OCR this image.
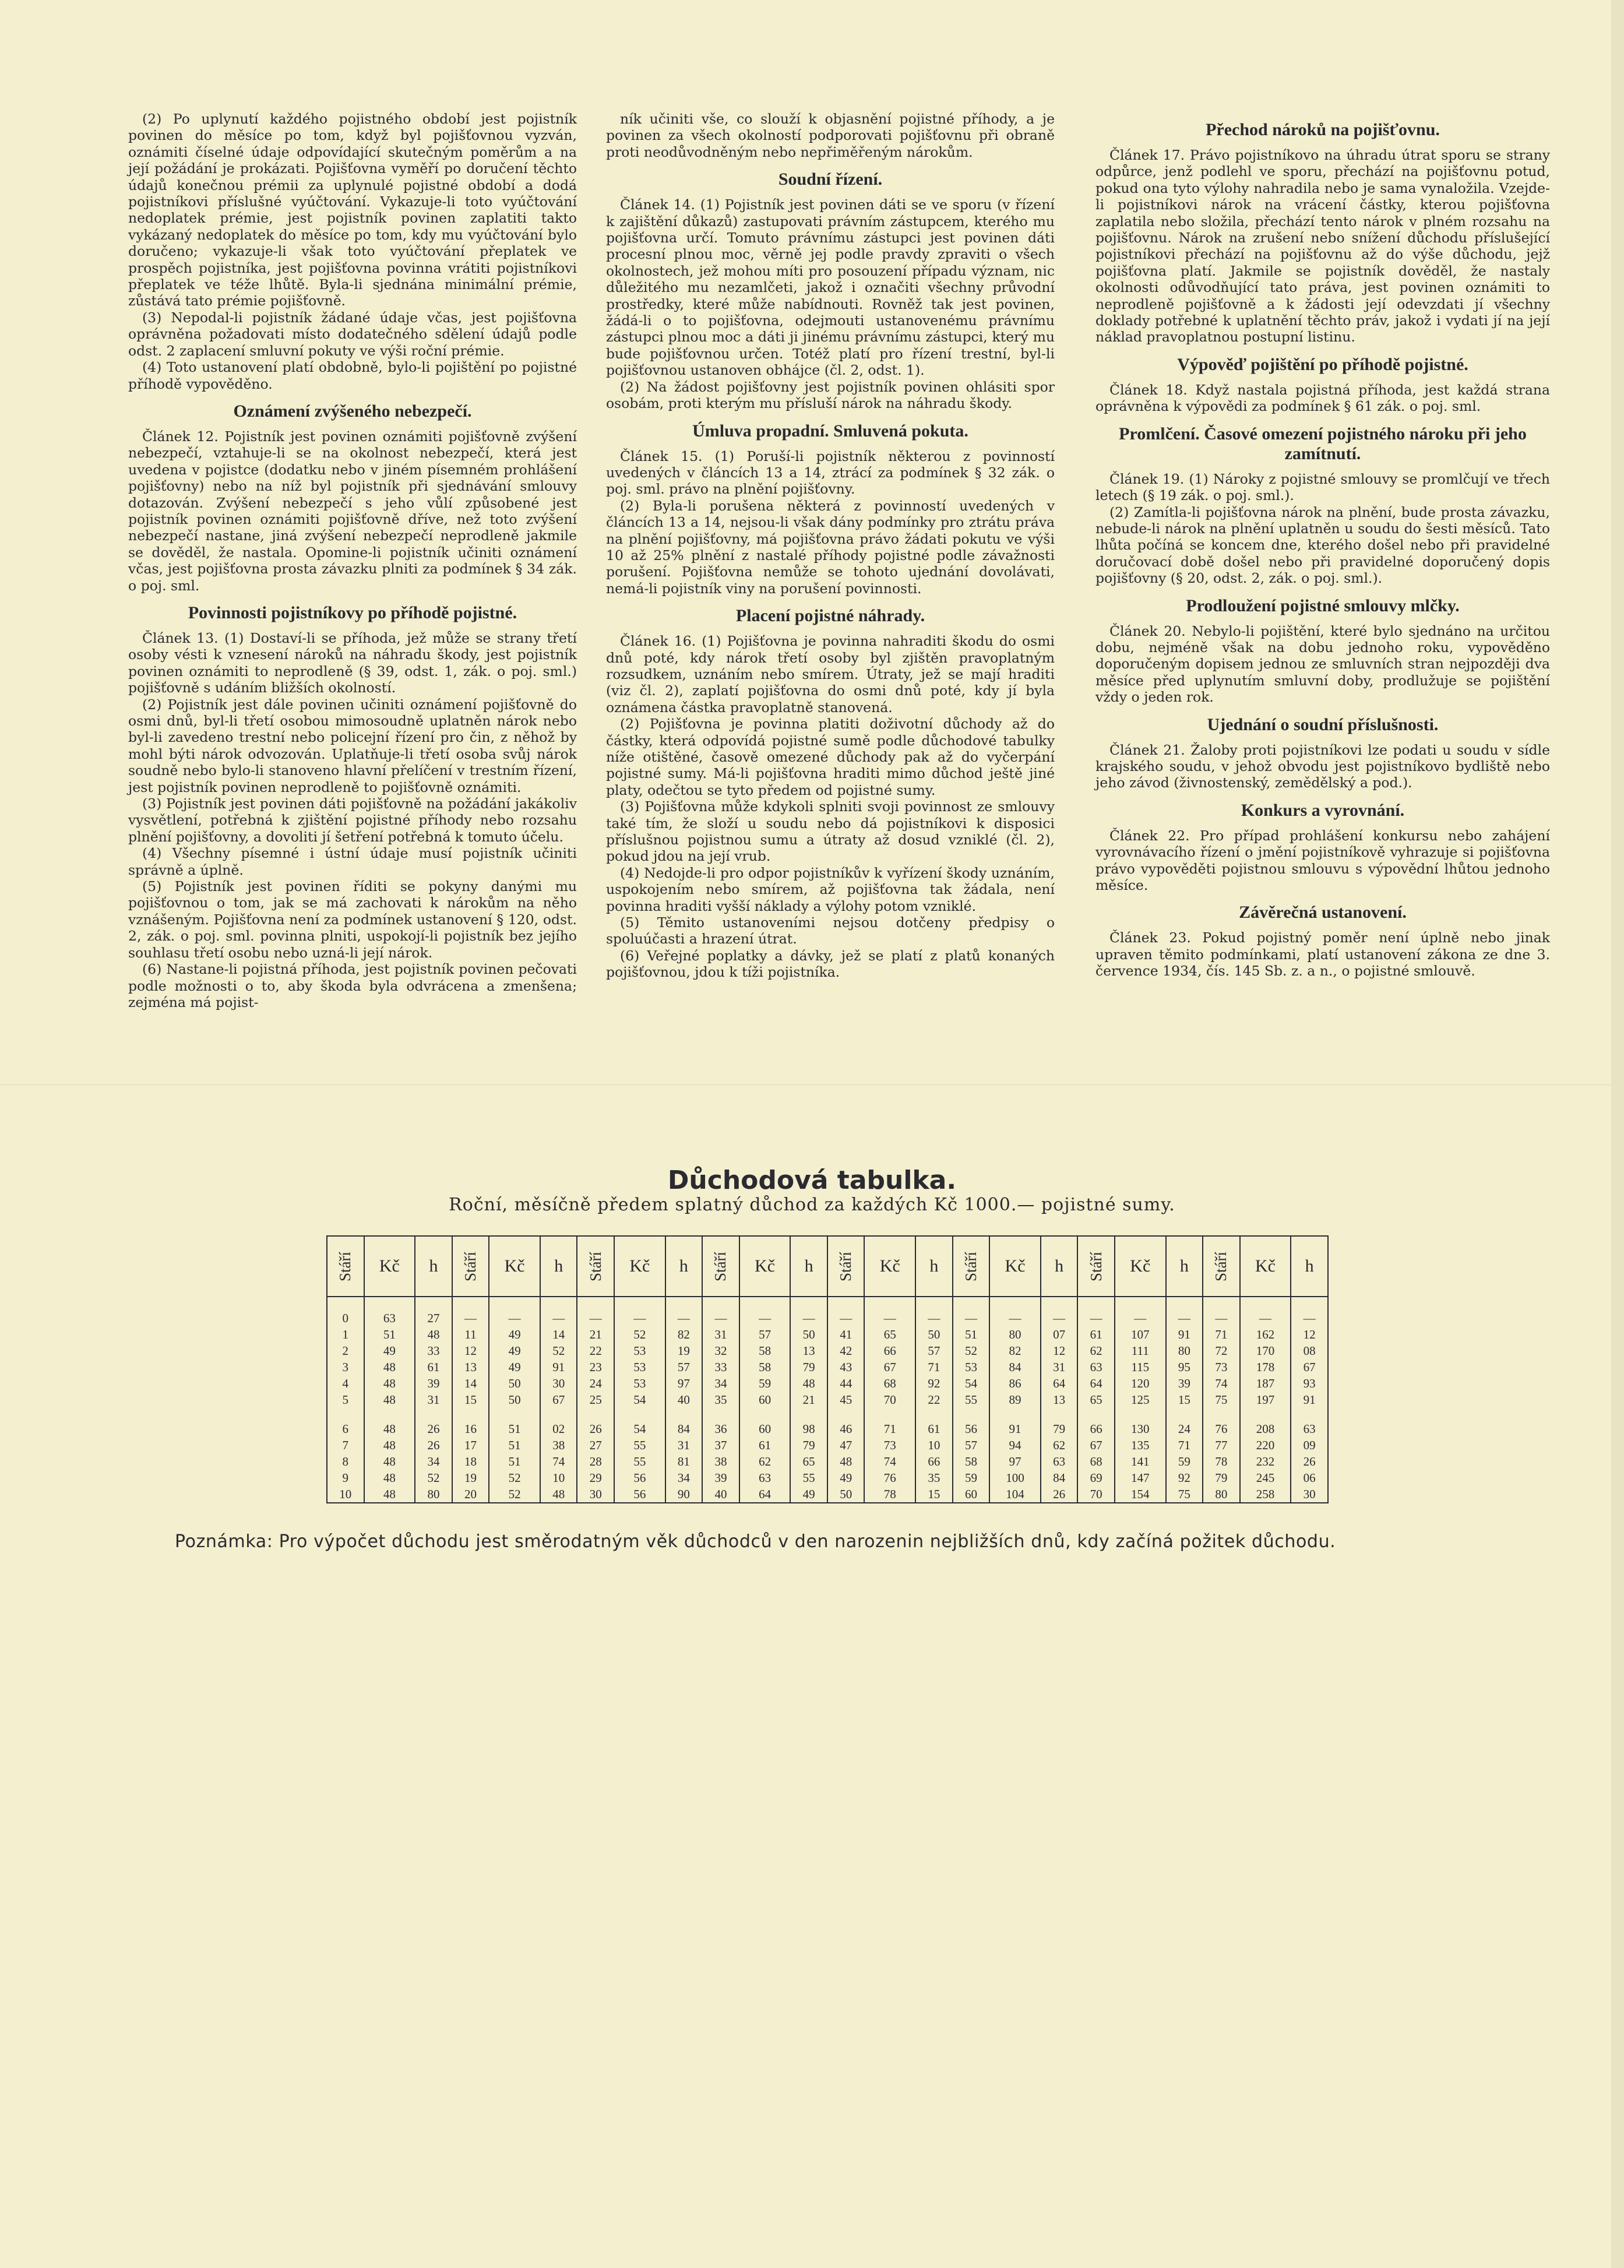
(2) Po uplynutí každého pojistného období jest pojistník povinen do měsíce po tom, když byl pojišťovnou vyzván, oznámiti číselné údaje odpovídající skutečným poměrům a na její požádání je prokázati. Pojišťovna vyměří po doručení těchto údajů konečnou prémii za uplynulé pojistné období a dodá pojistníkovi příslušné vyúčtování. Vykazuje-li toto vyúčtování nedoplatek prémie, jest pojistník povinen zaplatiti takto vykázaný nedoplatek do měsíce po tom, kdy mu vyúčtování bylo doručeno; vykazuje-li však toto vyúčtování přeplatek ve prospěch pojistníka, jest pojišťovna povinna vrátiti pojistníkovi přeplatek ve téže lhůtě. Byla-li sjednána minimální prémie, zůstává tato prémie pojišťovně.

(3) Nepodal-li pojistník žádané údaje včas, jest pojišťovna oprávněna požadovati místo dodatečného sdělení údajů podle odst. 2 zaplacení smluvní pokuty ve výši roční prémie.

(4) Toto ustanovení platí obdobně, bylo-li pojištění po pojistné příhodě vypověděno.

Oznámení zvýšeného nebezpečí.

Článek 12. Pojistník jest povinen oznámiti pojišťovně zvýšení nebezpečí, vztahuje-li se na okolnost nebezpečí, která jest uvedena v pojistce (dodatku nebo v jiném písemném prohlášení pojišťovny) nebo na níž byl pojistník při sjednávání smlouvy dotazován. Zvýšení nebezpečí s jeho vůlí způsobené jest pojistník povinen oznámiti pojišťovně dříve, než toto zvýšení nebezpečí nastane, jiná zvýšení nebezpečí neprodleně jakmile se dověděl, že nastala. Opomine-li pojistník učiniti oznámení včas, jest pojišťovna prosta závazku plniti za podmínek § 34 zák. o poj. sml.

Povinnosti pojistníkovy po příhodě pojistné.

Článek 13. (1) Dostaví-li se příhoda, jež může se strany třetí osoby vésti k vznesení nároků na náhradu škody, jest pojistník povinen oznámiti to neprodleně (§ 39, odst. 1, zák. o poj. sml.) pojišťovně s udáním bližších okolností.

(2) Pojistník jest dále povinen učiniti oznámení pojišťovně do osmi dnů, byl-li třetí osobou mimosoudně uplatněn nárok nebo byl-li zavedeno trestní nebo policejní řízení pro čin, z něhož by mohl býti nárok odvozován. Uplatňuje-li třetí osoba svůj nárok soudně nebo bylo-li stanoveno hlavní přelíčení v trestním řízení, jest pojistník povinen neprodleně to pojišťovně oznámiti.

(3) Pojistník jest povinen dáti pojišťovně na požádání jakákoliv vysvětlení, potřebná k zjištění pojistné příhody nebo rozsahu plnění pojišťovny, a dovoliti jí šetření potřebná k tomuto účelu.

(4) Všechny písemné i ústní údaje musí pojistník učiniti správně a úplně.

(5) Pojistník jest povinen říditi se pokyny danými mu pojišťovnou o tom, jak se má zachovati k nárokům na něho vznášeným. Pojišťovna není za podmínek ustanovení § 120, odst. 2, zák. o poj. sml. povinna plniti, uspokojí-li pojistník bez jejího souhlasu třetí osobu nebo uzná-li její nárok.

(6) Nastane-li pojistná příhoda, jest pojistník povinen pečovati podle možnosti o to, aby škoda byla odvrácena a zmenšena; zejména má pojist-

ník učiniti vše, co slouží k objasnění pojistné příhody, a je povinen za všech okolností podporovati pojišťovnu při obraně proti neodůvodněným nebo nepřiměřeným nárokům.

Soudní řízení.

Článek 14. (1) Pojistník jest povinen dáti se ve sporu (v řízení k zajištění důkazů) zastupovati právním zástupcem, kterého mu pojišťovna určí. Tomuto právnímu zástupci jest povinen dáti procesní plnou moc, věrně jej podle pravdy zpraviti o všech okolnostech, jež mohou míti pro posouzení případu význam, nic důležitého mu nezamlčeti, jakož i označiti všechny průvodní prostředky, které může nabídnouti. Rovněž tak jest povinen, žádá-li o to pojišťovna, odejmouti ustanovenému právnímu zástupci plnou moc a dáti ji jinému právnímu zástupci, který mu bude pojišťovnou určen. Totéž platí pro řízení trestní, byl-li pojišťovnou ustanoven obhájce (čl. 2, odst. 1).

(2) Na žádost pojišťovny jest pojistník povinen ohlásiti spor osobám, proti kterým mu přísluší nárok na náhradu škody.

Úmluva propadní. Smluvená pokuta.

Článek 15. (1) Poruší-li pojistník některou z povinností uvedených v článcích 13 a 14, ztrácí za podmínek § 32 zák. o poj. sml. právo na plnění pojišťovny.

(2) Byla-li porušena některá z povinností uvedených v článcích 13 a 14, nejsou-li však dány podmínky pro ztrátu práva na plnění pojišťovny, má pojišťovna právo žádati pokutu ve výši 10 až 25% plnění z nastalé příhody pojistné podle závažnosti porušení. Pojišťovna nemůže se tohoto ujednání dovolávati, nemá-li pojistník viny na porušení povinnosti.

Placení pojistné náhrady.

Článek 16. (1) Pojišťovna je povinna nahraditi škodu do osmi dnů poté, kdy nárok třetí osoby byl zjištěn pravoplatným rozsudkem, uznáním nebo smírem. Útraty, jež se mají hraditi (viz čl. 2), zaplatí pojišťovna do osmi dnů poté, kdy jí byla oznámena částka pravoplatně stanovená.

(2) Pojišťovna je povinna platiti doživotní důchody až do částky, která odpovídá pojistné sumě podle důchodové tabulky níže otištěné, časově omezené důchody pak až do vyčerpání pojistné sumy. Má-li pojišťovna hraditi mimo důchod ještě jiné platy, odečtou se tyto předem od pojistné sumy.

(3) Pojišťovna může kdykoli splniti svoji povinnost ze smlouvy také tím, že složí u soudu nebo dá pojistníkovi k disposici příslušnou pojistnou sumu a útraty až dosud vzniklé (čl. 2), pokud jdou na její vrub.

(4) Nedojde-li pro odpor pojistníkův k vyřízení škody uznáním, uspokojením nebo smírem, až pojišťovna tak žádala, není povinna hraditi vyšší náklady a výlohy potom vzniklé.

(5) Těmito ustanoveními nejsou dotčeny předpisy o spoluúčasti a hrazení útrat.

(6) Veřejné poplatky a dávky, jež se platí z platů konaných pojišťovnou, jdou k tíži pojistníka.

Přechod nároků na pojišťovnu.

Článek 17. Právo pojistníkovo na úhradu útrat sporu se strany odpůrce, jenž podlehl ve sporu, přechází na pojišťovnu potud, pokud ona tyto výlohy nahradila nebo je sama vynaložila. Vzejde-li pojistníkovi nárok na vrácení částky, kterou pojišťovna zaplatila nebo složila, přechází tento nárok v plném rozsahu na pojišťovnu. Nárok na zrušení nebo snížení důchodu příslušející pojistníkovi přechází na pojišťovnu až do výše důchodu, jejž pojišťovna platí. Jakmile se pojistník dověděl, že nastaly okolnosti odůvodňující tato práva, jest povinen oznámiti to neprodleně pojišťovně a k žádosti její odevzdati jí všechny doklady potřebné k uplatnění těchto práv, jakož i vydati jí na její náklad pravoplatnou postupní listinu.

Výpověď pojištění po příhodě pojistné.

Článek 18. Když nastala pojistná příhoda, jest každá strana oprávněna k výpovědi za podmínek § 61 zák. o poj. sml.

Promlčení. Časové omezení pojistného nároku při jeho zamítnutí.

Článek 19. (1) Nároky z pojistné smlouvy se promlčují ve třech letech (§ 19 zák. o poj. sml.).

(2) Zamítla-li pojišťovna nárok na plnění, bude prosta závazku, nebude-li nárok na plnění uplatněn u soudu do šesti měsíců. Tato lhůta počíná se koncem dne, kterého došel nebo při pravidelné doručovací době došel nebo při pravidelné doporučený dopis pojišťovny (§ 20, odst. 2, zák. o poj. sml.).

Prodloužení pojistné smlouvy mlčky.

Článek 20. Nebylo-li pojištění, které bylo sjednáno na určitou dobu, nejméně však na dobu jednoho roku, vypověděno doporučeným dopisem jednou ze smluvních stran nejpozději dva měsíce před uplynutím smluvní doby, prodlužuje se pojištění vždy o jeden rok.

Ujednání o soudní příslušnosti.

Článek 21. Žaloby proti pojistníkovi lze podati u soudu v sídle krajského soudu, v jehož obvodu jest pojistníkovo bydliště nebo jeho závod (živnostenský, zemědělský a pod.).

Konkurs a vyrovnání.

Článek 22. Pro případ prohlášení konkursu nebo zahájení vyrovnávacího řízení o jmění pojistníkově vyhrazuje si pojišťovna právo vypověděti pojistnou smlouvu s výpovědní lhůtou jednoho měsíce.

Závěrečná ustanovení.

Článek 23. Pokud pojistný poměr není úplně nebo jinak upraven těmito podmínkami, platí ustanovení zákona ze dne 3. července 1934, čís. 145 Sb. z. a n., o pojistné smlouvě.

Důchodová tabulka.
Roční, měsíčně předem splatný důchod za každých Kč 1000.— pojistné sumy.
Stáří	Kč	h	Stáří	Kč	h	Stáří	Kč	h	Stáří	Kč	h	Stáří	Kč	h	Stáří	Kč	h	Stáří	Kč	h	Stáří	Kč	h

0	63	27	—	—	—	—	—	—	—	—	—	—	—	—	—	—	—	—	—	—	—	—	—
1	51	48	11	49	14	21	52	82	31	57	50	41	65	50	51	80	07	61	107	91	71	162	12
2	49	33	12	49	52	22	53	19	32	58	13	42	66	57	52	82	12	62	111	80	72	170	08
3	48	61	13	49	91	23	53	57	33	58	79	43	67	71	53	84	31	63	115	95	73	178	67
4	48	39	14	50	30	24	53	97	34	59	48	44	68	92	54	86	64	64	120	39	74	187	93
5	48	31	15	50	67	25	54	40	35	60	21	45	70	22	55	89	13	65	125	15	75	197	91

6	48	26	16	51	02	26	54	84	36	60	98	46	71	61	56	91	79	66	130	24	76	208	63
7	48	26	17	51	38	27	55	31	37	61	79	47	73	10	57	94	62	67	135	71	77	220	09
8	48	34	18	51	74	28	55	81	38	62	65	48	74	66	58	97	63	68	141	59	78	232	26
9	48	52	19	52	10	29	56	34	39	63	55	49	76	35	59	100	84	69	147	92	79	245	06
10	48	80	20	52	48	30	56	90	40	64	49	50	78	15	60	104	26	70	154	75	80	258	30
Poznámka: Pro výpočet důchodu jest směrodatným věk důchodců v den narozenin nejbližších dnů, kdy začíná požitek důchodu.
